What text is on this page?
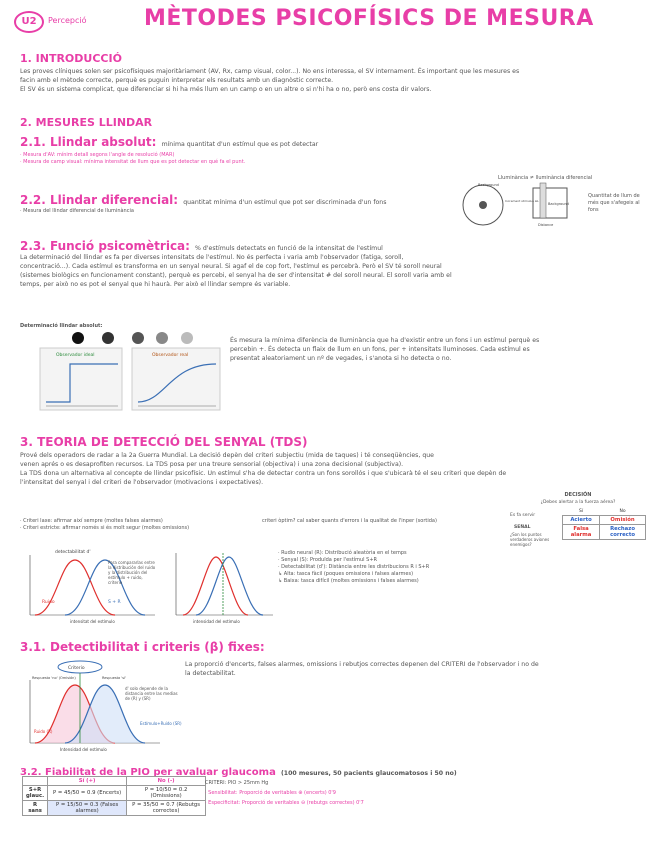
U2	Percepció	MÈTODES PSICOFÍSICS DE MESURA
1. INTRODUCCIÓ
Les proves clíniques solen ser psicofísiques majoritàriament (AV, Rx, camp visual, color...). No ens interessa, el SV internament. És important que les mesures es
facin amb el mètode correcte, perquè es puguin interpretar els resultats amb un diagnòstic correcte.
El SV és un sistema complicat, que diferenciar si hi ha més llum en un camp o en un altre o si n'hi ha o no, però ens costa dir valors.
2. MESURES LLINDAR
2.1. Llindar absolut: mínima quantitat d'un estímul que es pot detectar
· Mesura d'AV: mínim detall segons l'angle de resolució (MAR)
· Mesura de camp visual: mínima intensitat de llum que es pot detectar en qué fa el punt.
2.2. Llindar diferencial: quantitat mínima d'un estímul que pot ser discriminada d'un fons
· Mesura del llindar diferencial de lluminància
Lluminància ≠ lluminància diferencial
Quantitat de llum de més que s'afegeix al fons
Background
Increment stimulus ΔL
Background
Distance
2.3. Funció psicomètrica: % d'estímuls detectats en funció de la intensitat de l'estímul
La determinació del llindar es fa per diverses intensitats de l'estímul. No és perfecta i varia amb l'observador (fatiga, soroll,
concentració...). Cada estímul es transforma en un senyal neural. Si agaf el de cop fort, l'estímul es percebrà. Però el SV té soroll neural
(sistemes biològics en funcionament constant), perquè es percebi, el senyal ha de ser d'intensitat # del soroll neural. El soroll varia amb el
temps, per això no es pot el senyal que hi haurà. Per això el llindar sempre és variable.
Determinació llindar absolut:
Observador ideal	Observador real
És mesura la mínima diferència de lluminància que ha d'existir entre un fons i un estímul perquè es
percebin +. És detecta un flaix de llum en un fons, per + intensitats lluminoses. Cada estímul es
presentat aleatoriament un nº de vegades, i s'anota si ho detecta o no.
3. TEORIA DE DETECCIÓ DEL SENYAL (TDS)
Prové dels operadors de radar a la 2a Guerra Mundial. La decisió depèn del criteri subjectiu (mida de taques) i té conseqüències, que
venen aprés o es desaprofiten recursos. La TDS posa per una treure sensorial (objectiva) i una zona decisional (subjectiva).
La TDS dona un alternativa al concepte de llindar psicofísic. Un estímul s'ha de detectar contra un fons sorollós i que s'ubicarà té el seu criteri que depèn de
l'intensitat del senyal i del criteri de l'observador (motivacions i expectatives).
· Criteri laxe: afirmar així sempre (moltes falses alarmes)
· Criteri estricte: afirmar només si és molt segur (moltes omissions)
criteri òptim? cal saber quants d'errors i la qualitat de l'inper (sortida)
DECISIÓN
¿Debes alertar a la fuerza aérea?
Sí	No
Acierto	Omisión
Falsa alarma	Rechazo correcto
SEÑAL
¿Son los puntos verdaderos aviones enemigos?
Es fa servir
detectabilitat d'
Ruido	S + R
intensitat del estímulo
Para compararlas entre la distribución del ruido y la distribución del estímulo + ruido, criterio
intensidad del estímulo
· Rudio neural (R): Distribució aleatòria en el temps
· Senyal (S): Produïda per l'estímul S+R
· Detectabilitat (d'): Distància entre les distribucions R i S+R
↳ Alta: tasca fàcil (poques omissions i falses alarmes)
↳ Baixa: tasca difícil (moltes omissions i falses alarmes)
3.1. Detectibilitat i criteris (β) fixes:
La proporció d'encerts, falses alarmes, omissions i rebutjos correctes depenen del CRITERI de l'observador i no de
la detectabilitat.
Criterio
Respuesta 'no' (Omisión)	Respuesta 'sí'
Ruido (R)
Estímulo+Ruido (SR)
Intensidad del estímulo
d' solo depende de la distancia entre las medias de (R) y (SR)
3.2. Fiabilitat de la PIO per avaluar glaucoma (100 mesures, 50 pacients glaucomatosos i 50 no)
	Sí (+)	No (-)
S+R glauc.	P = 45/50 = 0.9 (Encerts)	P = 10/50 = 0.2 (Omissions)
R sans	P = 15/50 = 0.3 (Falses alarmes)	P = 35/50 = 0.7 (Rebutgs correctes)
CRITERI: PIO > 25mm Hg
· Sensibilitat: Proporció de veritables ⊕ (encerts) 0'9
· Especificitat: Proporció de veritables ⊖ (rebutgs correctes) 0'7
